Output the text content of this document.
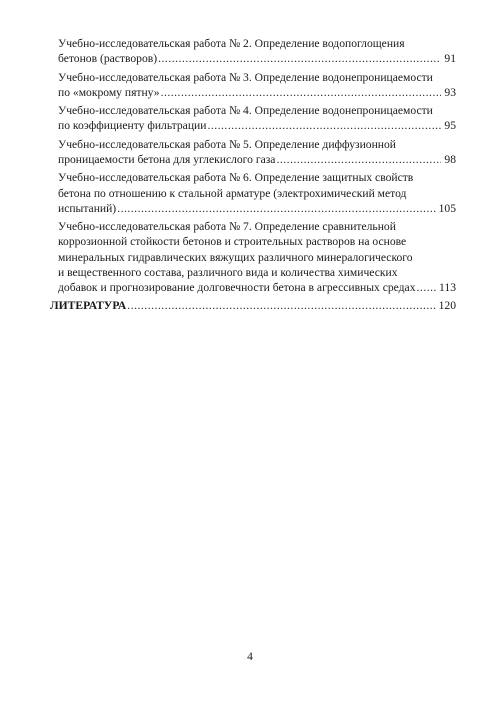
Учебно-исследовательская работа № 2. Определение водопоглощения
бетонов (растворов) .....	91
Учебно-исследовательская работа № 3. Определение водонепроницаемости
по «мокрому пятну» .....	93
Учебно-исследовательская работа № 4. Определение водонепроницаемости
по коэффициенту фильтрации .....	95
Учебно-исследовательская работа № 5. Определение диффузионной
проницаемости бетона для углекислого газа .....	98
Учебно-исследовательская работа № 6. Определение защитных свойств
бетона по отношению к стальной арматуре (электрохимический метод
испытаний) .....	105
Учебно-исследовательская работа № 7. Определение сравнительной
коррозионной стойкости бетонов и строительных растворов на основе
минеральных гидравлических вяжущих различного минералогического
и вещественного состава, различного вида и количества химических
добавок и прогнозирование долговечности бетона в агрессивных средах ..... 113
ЛИТЕРАТУРА .....	120
4
